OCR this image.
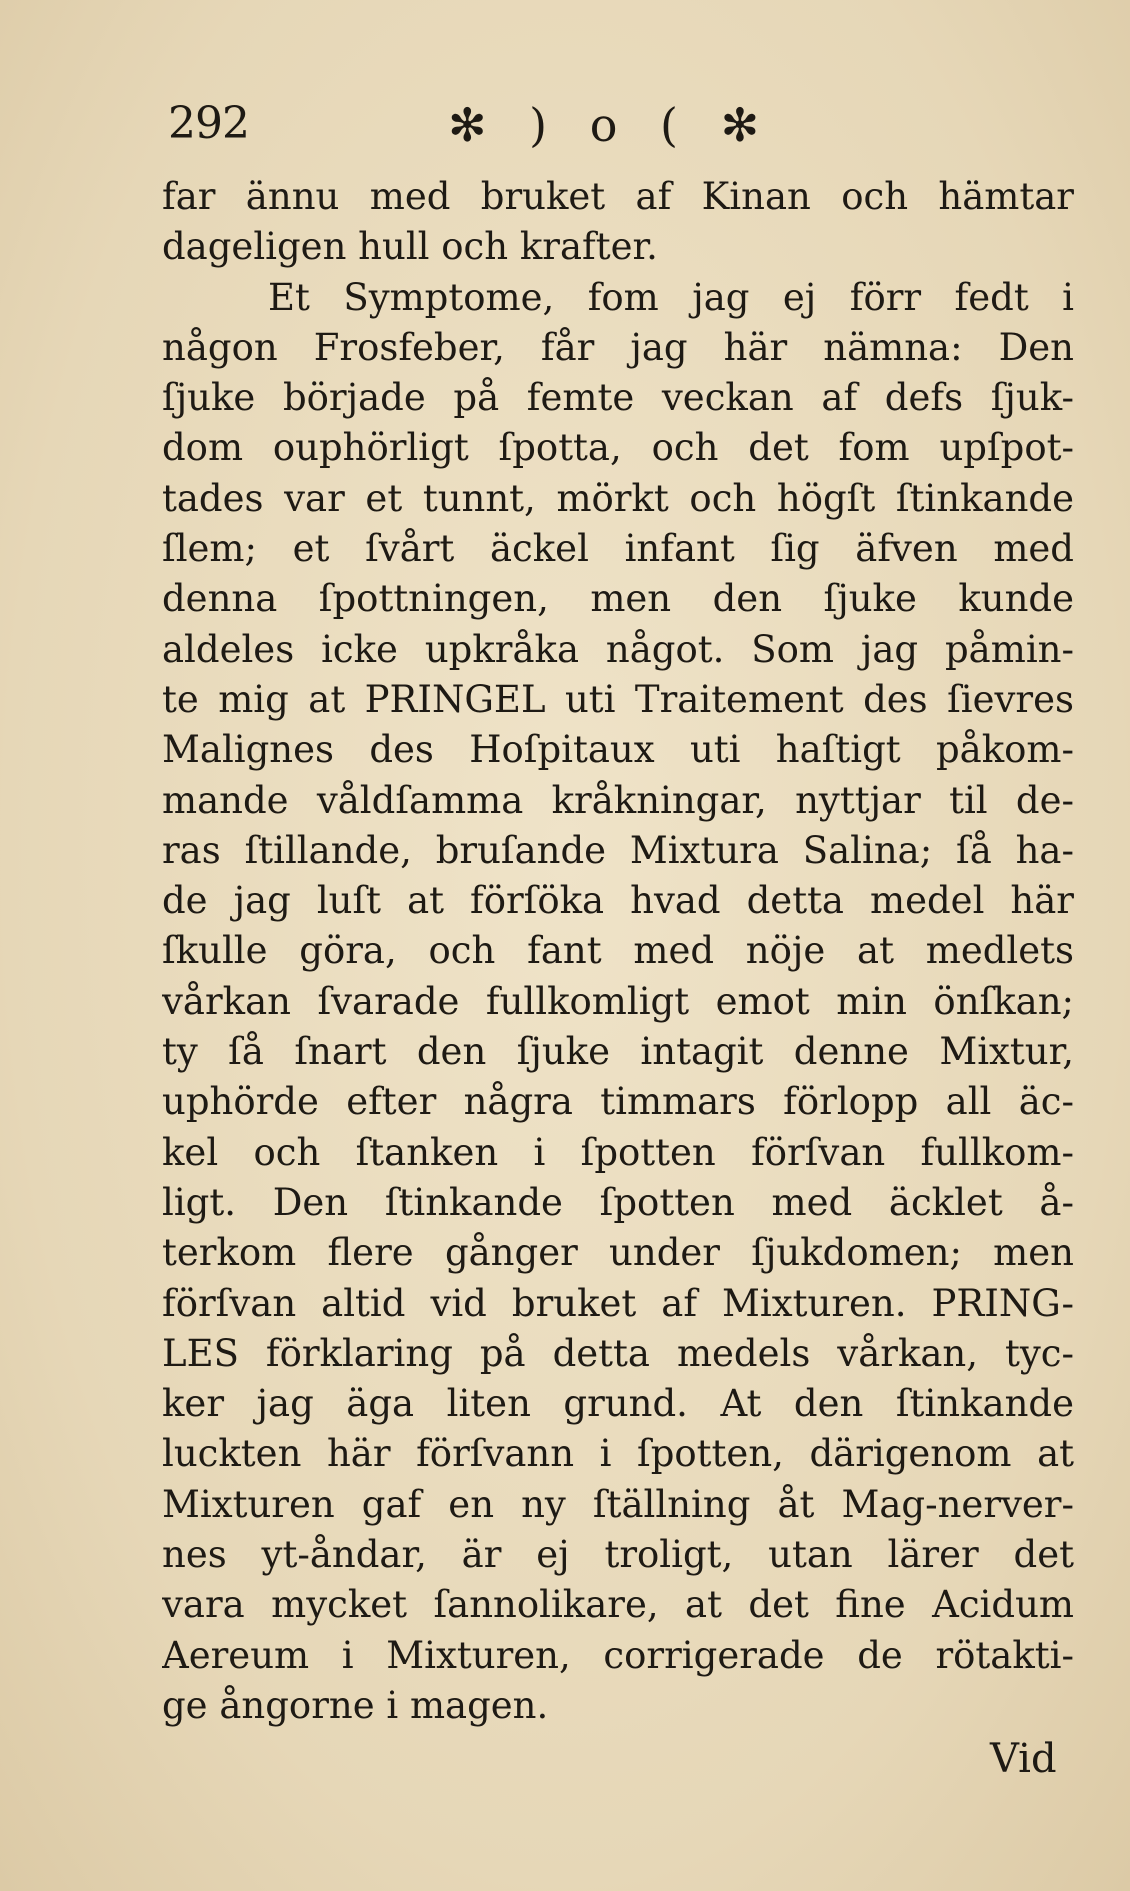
292	✻ ) o ( ✻
far ännu med bruket af Kinan och hämtar
dageligen hull och krafter.
Et Symptome, fom jag ej förr fedt i
någon Frosfeber, får jag här nämna: Den
ſjuke började på femte veckan af defs ſjuk-
dom ouphörligt ſpotta, och det fom upſpot-
tades var et tunnt, mörkt och högſt ſtinkande
ſlem; et ſvårt äckel infant ſig äfven med
denna ſpottningen, men den ſjuke kunde
aldeles icke upkråka något. Som jag påmin-
te mig at PRINGEL uti Traitement des ſievres
Malignes des Hoſpitaux uti haſtigt påkom-
mande våldſamma kråkningar, nyttjar til de-
ras ſtillande, bruſande Mixtura Salina; ſå ha-
de jag luſt at förſöka hvad detta medel här
ſkulle göra, och fant med nöje at medlets
vårkan ſvarade fullkomligt emot min önſkan;
ty ſå ſnart den ſjuke intagit denne Mixtur,
uphörde efter några timmars förlopp all äc-
kel och ſtanken i ſpotten förſvan fullkom-
ligt. Den ſtinkande ſpotten med äcklet å-
terkom flere gånger under ſjukdomen; men
förſvan altid vid bruket af Mixturen. PRING-
LES förklaring på detta medels vårkan, tyc-
ker jag äga liten grund. At den ſtinkande
luckten här förſvann i ſpotten, därigenom at
Mixturen gaf en ny ſtällning åt Mag-nerver-
nes yt-åndar, är ej troligt, utan lärer det
vara mycket ſannolikare, at det fine Acidum
Aereum i Mixturen, corrigerade de rötakti-
ge ångorne i magen.
Vid
